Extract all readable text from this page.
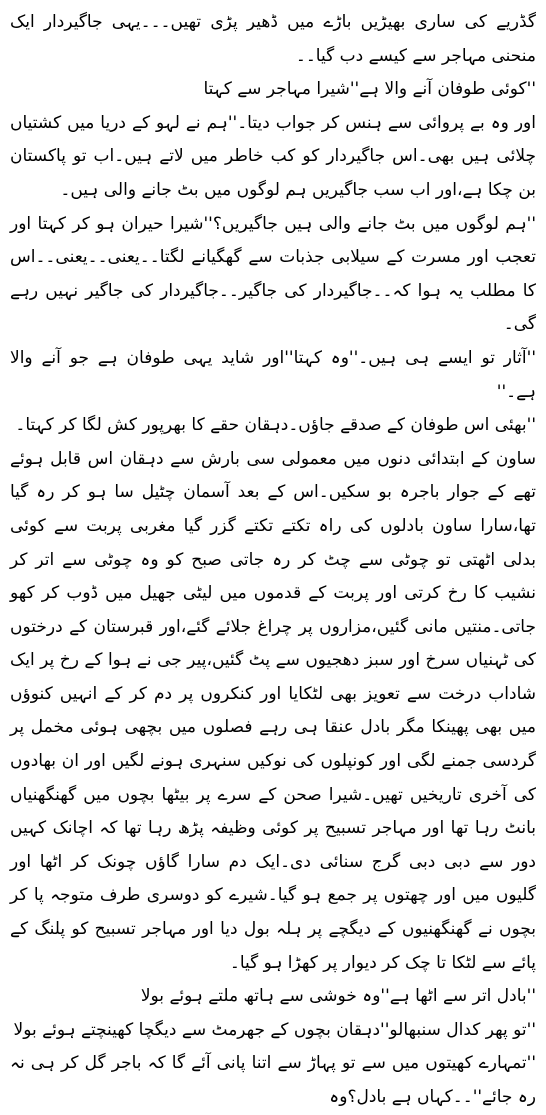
گڈریے کی ساری بھیڑیں باڑے میں ڈھیر پڑی تھیں۔۔۔یہی جاگیردار ایک منحنی مہاجر سے کیسے دب گیا۔۔

''کوئی طوفان آنے والا ہے''شیرا مہاجر سے کہتا

اور وہ بے پروائی سے ہنس کر جواب دیتا۔''ہم نے لہو کے دریا میں کشتیاں چلائی ہیں بھی۔اس جاگیردار کو کب خاطر میں لاتے ہیں۔اب تو پاکستان بن چکا ہے،اور اب سب جاگیریں ہم لوگوں میں بٹ جانے والی ہیں۔

''ہم لوگوں میں بٹ جانے والی ہیں جاگیریں؟''شیرا حیران ہو کر کہتا اور تعجب اور مسرت کے سیلابی جذبات سے گھگیانے لگتا۔۔یعنی۔۔یعنی۔۔اس کا مطلب یہ ہوا کہ۔۔جاگیردار کی جاگیر۔۔جاگیردار کی جاگیر نہیں رہے گی۔

''آثار تو ایسے ہی ہیں۔''وہ کہتا''اور شاید یہی طوفان ہے جو آنے والا ہے۔''

''بھئی اس طوفان کے صدقے جاؤں۔دہقان حقے کا بھرپور کش لگا کر کہتا۔

ساون کے ابتدائی دنوں میں معمولی سی بارش سے دہقان اس قابل ہوئے تھے کے جوار باجرہ بو سکیں۔اس کے بعد آسمان چٹیل سا ہو کر رہ گیا تھا،سارا ساون بادلوں کی راہ تکتے تکتے گزر گیا مغربی پربت سے کوئی بدلی اٹھتی تو چوٹی سے چٹ کر رہ جاتی صبح کو وہ چوٹی سے اتر کر نشیب کا رخ کرتی اور پربت کے قدموں میں لیٹی جھیل میں ڈوب کر کھو جاتی۔منتیں مانی گئیں،مزاروں پر چراغ جلائے گئے،اور قبرستان کے درختوں کی ٹہنیاں سرخ اور سبز دھجیوں سے پٹ گئیں،پیر جی نے ہوا کے رخ پر ایک شاداب درخت سے تعویز بھی لٹکایا اور کنکروں پر دم کر کے انہیں کنوؤں میں بھی پھینکا مگر بادل عنقا ہی رہے فصلوں میں بچھی ہوئی مخمل پر گردسی جمنے لگی اور کونپلوں کی نوکیں سنہری ہونے لگیں اور ان بھادوں کی آخری تاریخیں تھیں۔شیرا صحن کے سرے پر بیٹھا بچوں میں گھنگھنیاں بانٹ رہا تھا اور مہاجر تسبیح پر کوئی وظیفہ پڑھ رہا تھا کہ اچانک کہیں دور سے دبی دبی گرج سنائی دی۔ایک دم سارا گاؤں چونک کر اٹھا اور گلیوں میں اور چھتوں پر جمع ہو گیا۔شیرے کو دوسری طرف متوجہ پا کر بچوں نے گھنگھنیوں کے دیگچے پر ہلہ بول دیا اور مہاجر تسبیح کو پلنگ کے پائے سے لٹکا تا چک کر دیوار پر کھڑا ہو گیا۔

''بادل اتر سے اٹھا ہے''وہ خوشی سے ہاتھ ملتے ہوئے بولا

''تو پھر کدال سنبھالو''دہقان بچوں کے جھرمٹ سے دیگچا کھینچتے ہوئے بولا

''تمہارے کھیتوں میں سے تو پہاڑ سے اتنا پانی آئے گا کہ باجر گل کر ہی نہ رہ جائے''۔۔کہاں ہے بادل؟وہ
